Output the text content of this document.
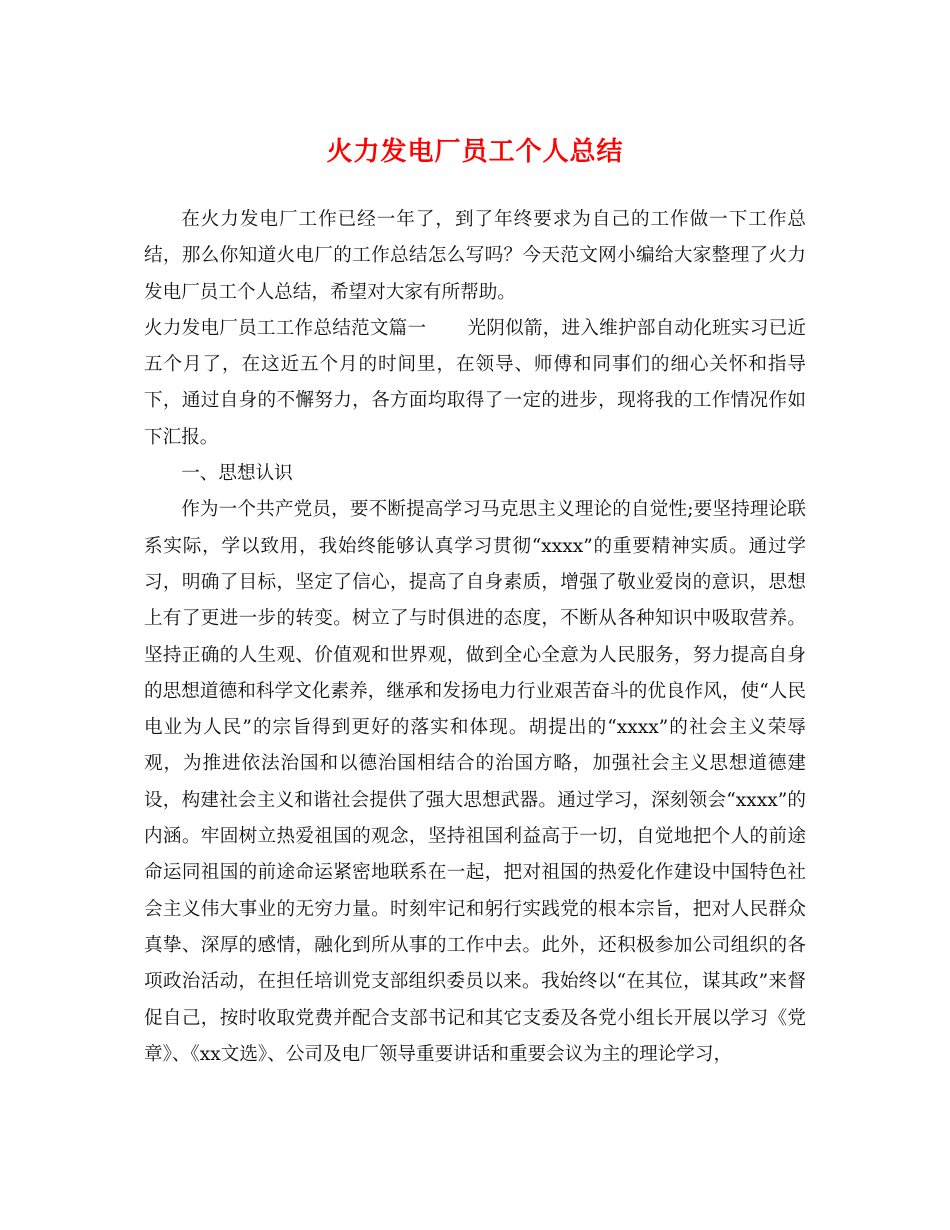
火力发电厂员工个人总结

在火力发电厂工作已经一年了，到了年终要求为自己的工作做一下工作总结，那么你知道火电厂的工作总结怎么写吗？今天范文网小编给大家整理了火力发电厂员工个人总结，希望对大家有所帮助。

火力发电厂员工工作总结范文篇一 光阴似箭，进入维护部自动化班实习已近五个月了，在这近五个月的时间里，在领导、师傅和同事们的细心关怀和指导下，通过自身的不懈努力，各方面均取得了一定的进步，现将我的工作情况作如下汇报。

一、思想认识

作为一个共产党员，要不断提高学习马克思主义理论的自觉性;要坚持理论联系实际，学以致用，我始终能够认真学习贯彻“xxxx”的重要精神实质。通过学习，明确了目标，坚定了信心，提高了自身素质，增强了敬业爱岗的意识，思想上有了更进一步的转变。树立了与时俱进的态度，不断从各种知识中吸取营养。坚持正确的人生观、价值观和世界观，做到全心全意为人民服务，努力提高自身的思想道德和科学文化素养，继承和发扬电力行业艰苦奋斗的优良作风，使“人民电业为人民”的宗旨得到更好的落实和体现。胡提出的“xxxx”的社会主义荣辱观，为推进依法治国和以德治国相结合的治国方略，加强社会主义思想道德建设，构建社会主义和谐社会提供了强大思想武器。通过学习，深刻领会“xxxx”的内涵。牢固树立热爱祖国的观念，坚持祖国利益高于一切，自觉地把个人的前途命运同祖国的前途命运紧密地联系在一起，把对祖国的热爱化作建设中国特色社会主义伟大事业的无穷力量。时刻牢记和躬行实践党的根本宗旨，把对人民群众真挚、深厚的感情，融化到所从事的工作中去。此外，还积极参加公司组织的各项政治活动，在担任培训党支部组织委员以来。我始终以“在其位，谋其政”来督促自己，按时收取党费并配合支部书记和其它支委及各党小组长开展以学习《党章》、《xx文选》、公司及电厂领导重要讲话和重要会议为主的理论学习，
